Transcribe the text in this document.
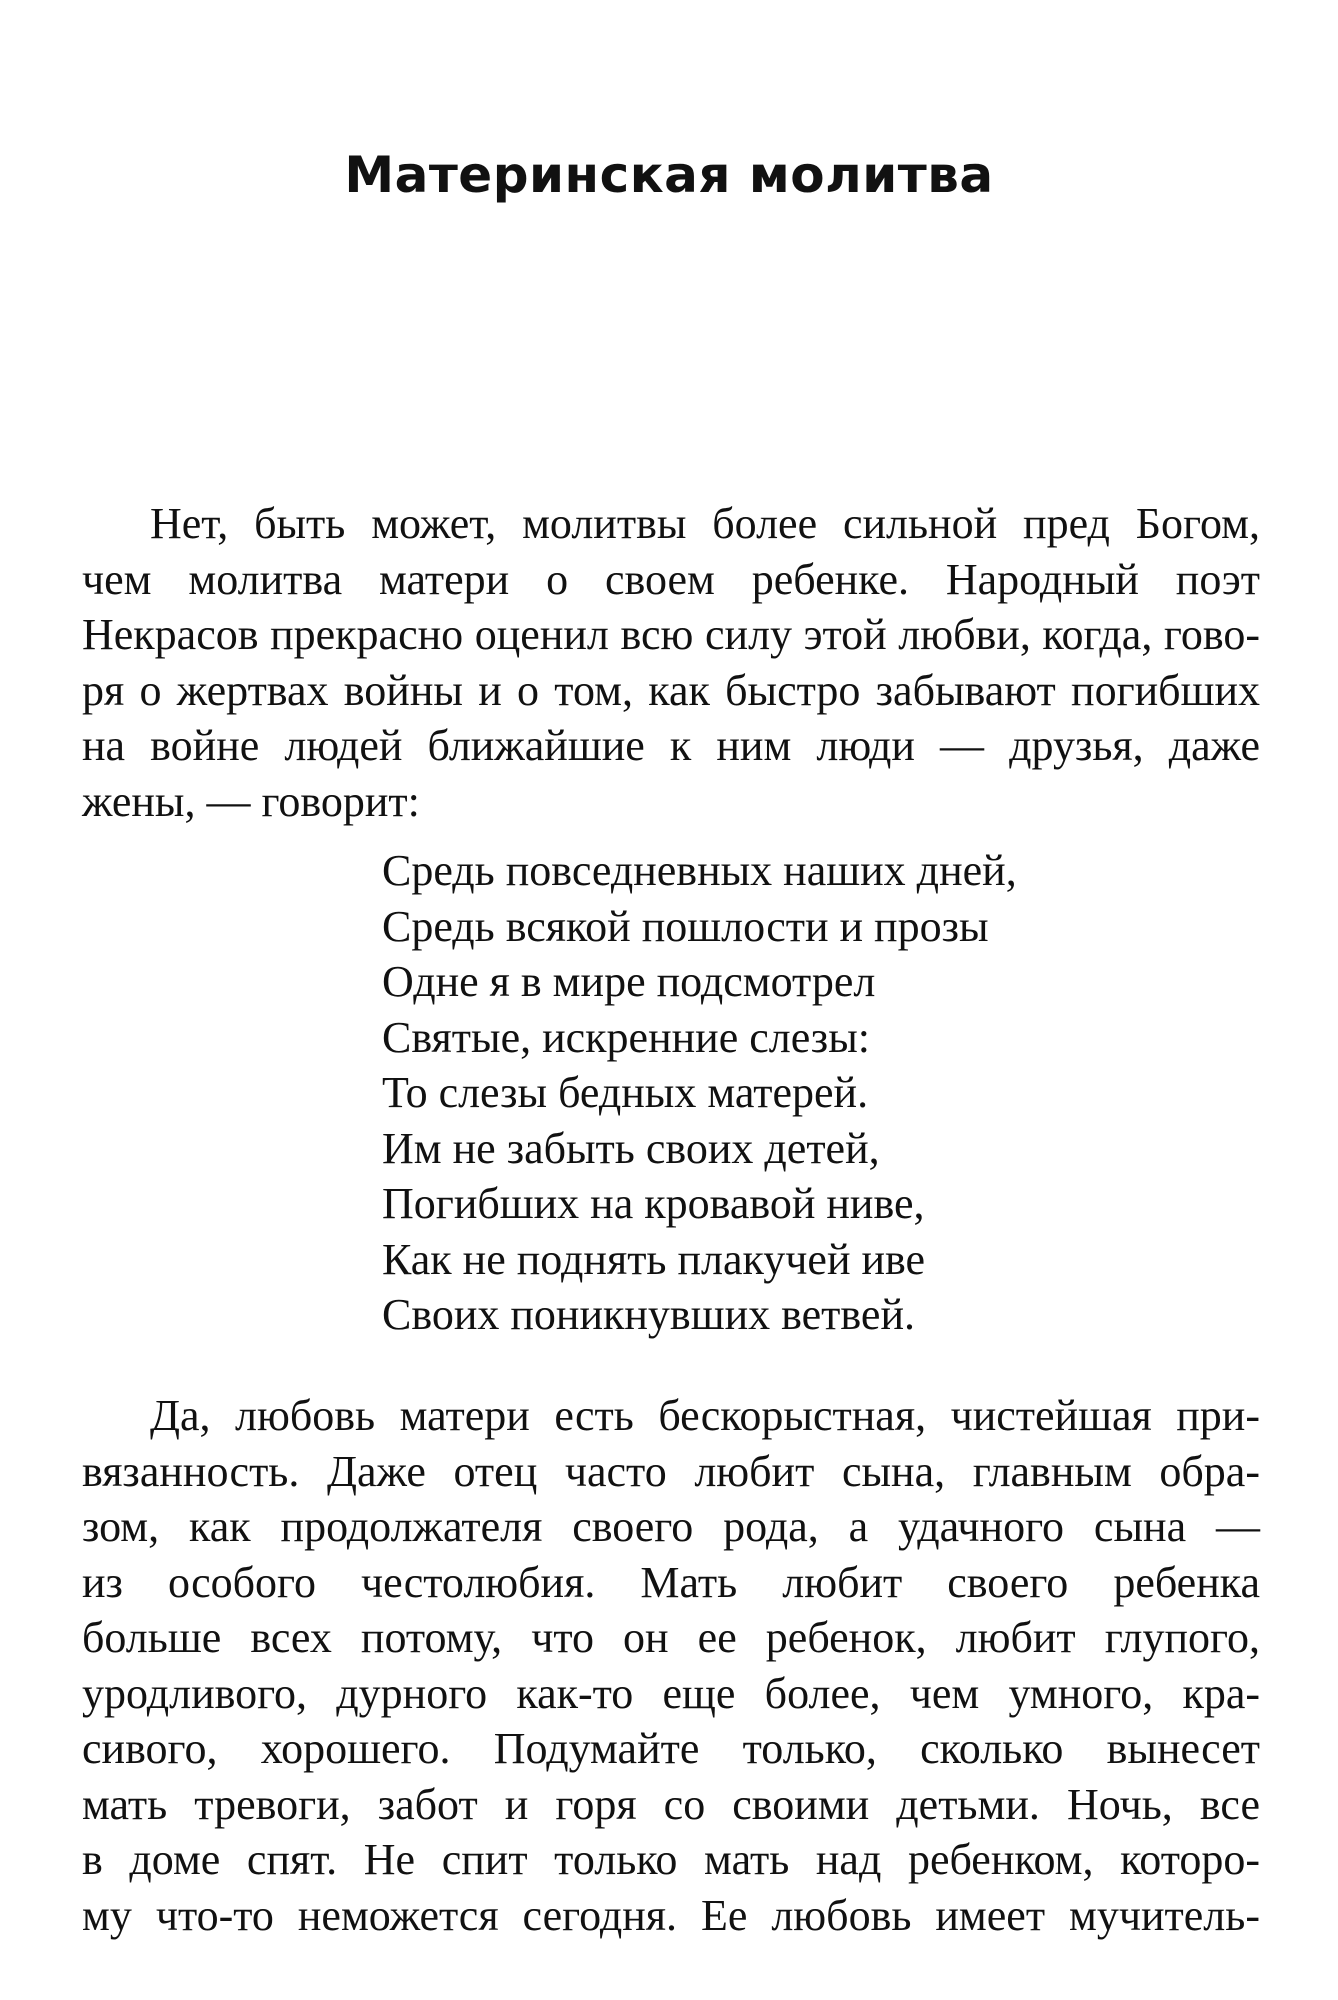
Материнская молитва
Нет, быть может, молитвы более сильной пред Богом,
чем молитва матери о своем ребенке. Народный поэт
Некрасов прекрасно оценил всю силу этой любви, когда, гово-
ря о жертвах войны и о том, как быстро забывают погибших
на войне людей ближайшие к ним люди — друзья, даже
жены, — говорит:
Средь повседневных наших дней,
Средь всякой пошлости и прозы
Одне я в мире подсмотрел
Святые, искренние слезы:
То слезы бедных матерей.
Им не забыть своих детей,
Погибших на кровавой ниве,
Как не поднять плакучей иве
Своих поникнувших ветвей.
Да, любовь матери есть бескорыстная, чистейшая при-
вязанность. Даже отец часто любит сына, главным обра-
зом, как продолжателя своего рода, а удачного сына —
из особого честолюбия. Мать любит своего ребенка
больше всех потому, что он ее ребенок, любит глупого,
уродливого, дурного как-то еще более, чем умного, кра-
сивого, хорошего. Подумайте только, сколько вынесет
мать тревоги, забот и горя со своими детьми. Ночь, все
в доме спят. Не спит только мать над ребенком, которо-
му что-то неможется сегодня. Ее любовь имеет мучитель-
